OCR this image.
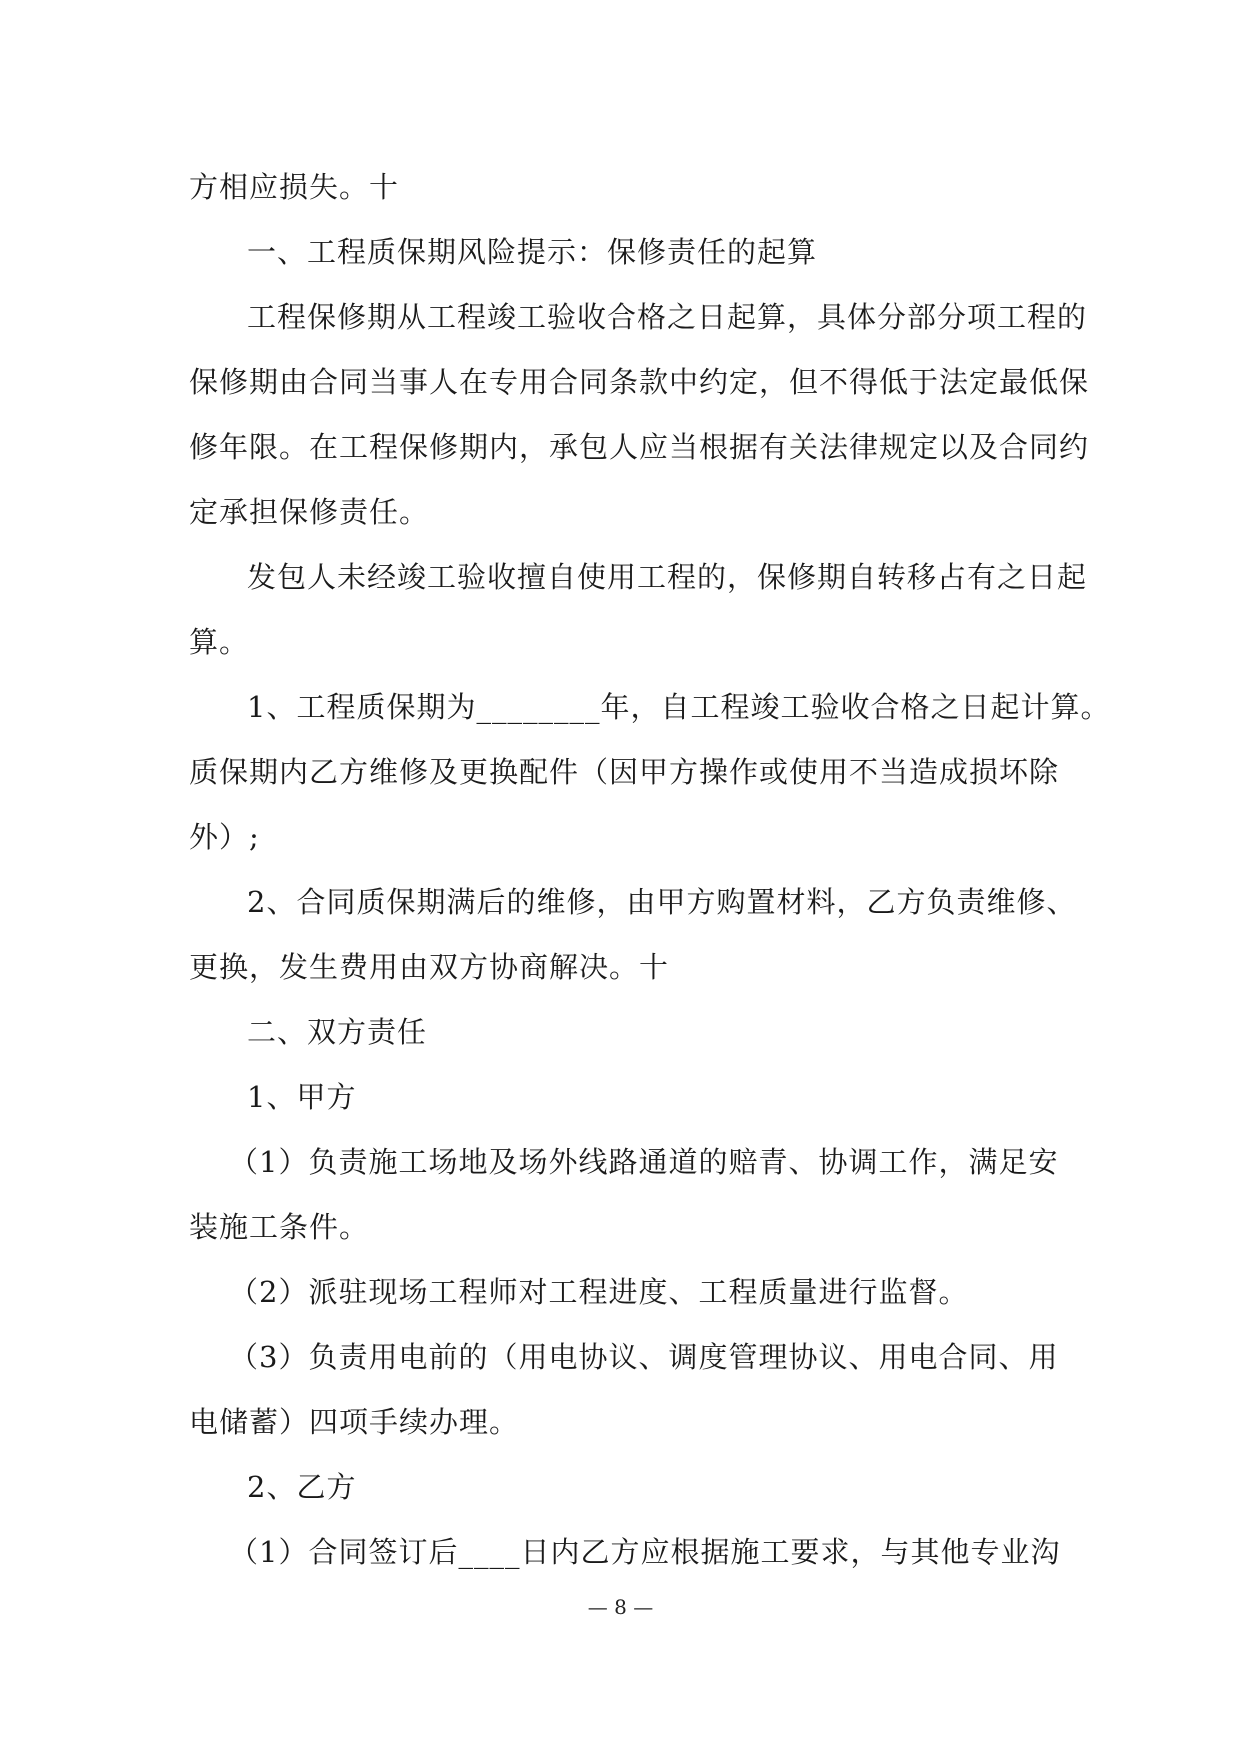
方相应损失。十
一、工程质保期风险提示：保修责任的起算
工程保修期从工程竣工验收合格之日起算，具体分部分项工程的
保修期由合同当事人在专用合同条款中约定，但不得低于法定最低保
修年限。在工程保修期内，承包人应当根据有关法律规定以及合同约
定承担保修责任。
发包人未经竣工验收擅自使用工程的，保修期自转移占有之日起
算。
1、工程质保期为________年，自工程竣工验收合格之日起计算。
质保期内乙方维修及更换配件（因甲方操作或使用不当造成损坏除
外）;
2、合同质保期满后的维修，由甲方购置材料，乙方负责维修、
更换，发生费用由双方协商解决。十
二、双方责任
1、甲方
（1）负责施工场地及场外线路通道的赔青、协调工作，满足安
装施工条件。
（2）派驻现场工程师对工程进度、工程质量进行监督。
（3）负责用电前的（用电协议、调度管理协议、用电合同、用
电储蓄）四项手续办理。
2、乙方
（1）合同签订后____日内乙方应根据施工要求，与其他专业沟
— 8 —
